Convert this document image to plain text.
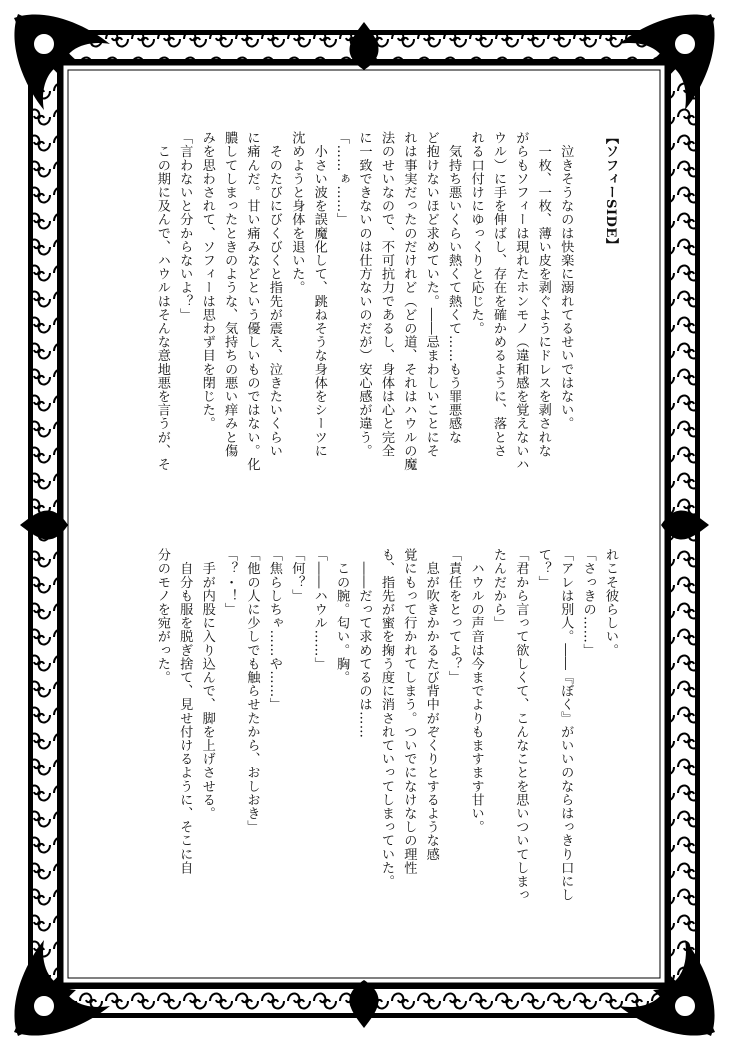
【ソフィーSIDE】

　泣きそうなのは快楽に溺れてるせいではない。
　一枚、一枚、薄い皮を剥ぐようにドレスを剥されな
がらもソフィーは現れたホンモノ（違和感を覚えないハ
ウル）に手を伸ばし、存在を確かめるように、落とさ
れる口付けにゆっくりと応じた。
　気持ち悪いくらい熱くて熱くて……もう罪悪感な
ど抱けないほど求めていた。――忌まわしいことにそ
れは事実だったのだけれど（どの道、それはハウルの魔
法のせいなので、不可抗力であるし、身体は心と完全
に一致できないのは仕方ないのだが）安心感が違う。
「……ぁ……」
　小さい波を誤魔化して、跳ねそうな身体をシーツに
沈めようと身体を退いた。
　そのたびにびくびくと指先が震え、泣きたいくらい
に痛んだ。甘い痛みなどという優しいものではない。化
膿してしまったときのような、気持ちの悪い痒みと傷
みを思わされて、ソフィーは思わず目を閉じた。
「言わないと分からないよ？」
　この期に及んで、ハウルはそんな意地悪を言うが、そ
れこそ彼らしい。
「さっきの……」
「アレは別人。――『ぼく』がいいのならはっきり口にし
て？」
「君から言って欲しくて、こんなことを思いついてしまっ
たんだから」
　ハウルの声音は今までよりもますます甘い。
「責任をとってよ？」
　息が吹きかかるたび背中がぞくりとするような感
覚にもって行かれてしまう。ついでになけなしの理性
も、指先が蜜を掬う度に消されていってしまっていた。
　――だって求めてるのは……
　この腕。匂い。胸。
「――ハウル……」
「何？」
「焦らしちゃ……や……」
「他の人に少しでも触らせたから、おしおき」
「？・！」
　手が内股に入り込んで、脚を上げさせる。
　自分も服を脱ぎ捨て、見せ付けるように、そこに自
分のモノを宛がった。
